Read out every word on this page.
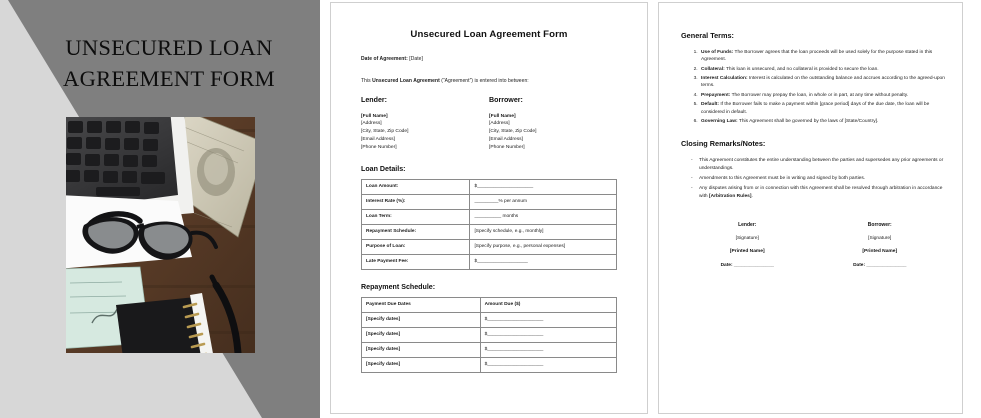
UNSECURED LOAN
AGREEMENT FORM
Unsecured Loan Agreement Form
Date of Agreement: [Date]
This Unsecured Loan Agreement (“Agreement”) is entered into between:
Lender:
[Full Name]
[Address]
[City, State, Zip Code]
[Email Address]
[Phone Number]
Borrower:
[Full Name]
[Address]
[City, State, Zip Code]
[Email Address]
[Phone Number]
Loan Details:
Loan Amount:	$_____________________
Interest Rate (%):	_________% per annum
Loan Term:	__________ months
Repayment Schedule:	[Specify schedule, e.g., monthly]
Purpose of Loan:	[Specify purpose, e.g., personal expenses]
Late Payment Fee:	$___________________
Repayment Schedule:
Payment Due Dates	Amount Due ($)
[Specify dates]	$_____________________
[Specify dates]	$_____________________
[Specify dates]	$_____________________
[Specify dates]	$_____________________
General Terms:
1. Use of Funds: The Borrower agrees that the loan proceeds will be used solely for the purpose stated in this Agreement.
2. Collateral: This loan is unsecured, and no collateral is provided to secure the loan.
3. Interest Calculation: Interest is calculated on the outstanding balance and accrues according to the agreed-upon terms.
4. Prepayment: The Borrower may prepay the loan, in whole or in part, at any time without penalty.
5. Default: If the Borrower fails to make a payment within [grace period] days of the due date, the loan will be considered in default.
6. Governing Law: This Agreement shall be governed by the laws of [State/Country].
Closing Remarks/Notes:
- This Agreement constitutes the entire understanding between the parties and supersedes any prior agreements or understandings.
- Amendments to this Agreement must be in writing and signed by both parties.
- Any disputes arising from or in connection with this Agreement shall be resolved through arbitration in accordance with [Arbitration Rules].
Lender:
[Signature]
[Printed Name]
Date: _______________
Borrower:
[Signature]
[Printed Name]
Date: _______________
